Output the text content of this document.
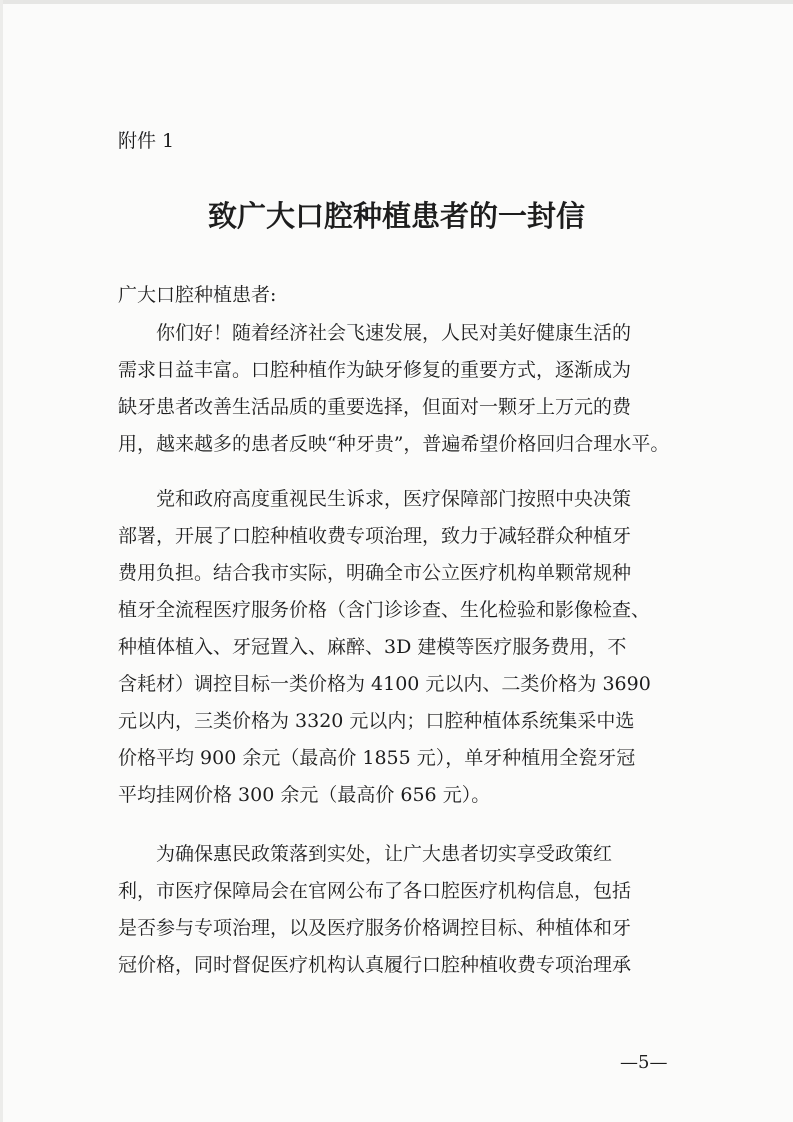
附件 1
致广大口腔种植患者的一封信
广大口腔种植患者:
你们好！随着经济社会飞速发展，人民对美好健康生活的
需求日益丰富。口腔种植作为缺牙修复的重要方式，逐渐成为
缺牙患者改善生活品质的重要选择，但面对一颗牙上万元的费
用，越来越多的患者反映“种牙贵”，普遍希望价格回归合理水平。
党和政府高度重视民生诉求，医疗保障部门按照中央决策
部署，开展了口腔种植收费专项治理，致力于减轻群众种植牙
费用负担。结合我市实际，明确全市公立医疗机构单颗常规种
植牙全流程医疗服务价格（含门诊诊查、生化检验和影像检查、
种植体植入、牙冠置入、麻醉、3D 建模等医疗服务费用，不
含耗材）调控目标一类价格为 4100 元以内、二类价格为 3690
元以内，三类价格为 3320 元以内；口腔种植体系统集采中选
价格平均 900 余元（最高价 1855 元），单牙种植用全瓷牙冠
平均挂网价格 300 余元（最高价 656 元）。
为确保惠民政策落到实处，让广大患者切实享受政策红
利，市医疗保障局会在官网公布了各口腔医疗机构信息，包括
是否参与专项治理，以及医疗服务价格调控目标、种植体和牙
冠价格，同时督促医疗机构认真履行口腔种植收费专项治理承
—5—
